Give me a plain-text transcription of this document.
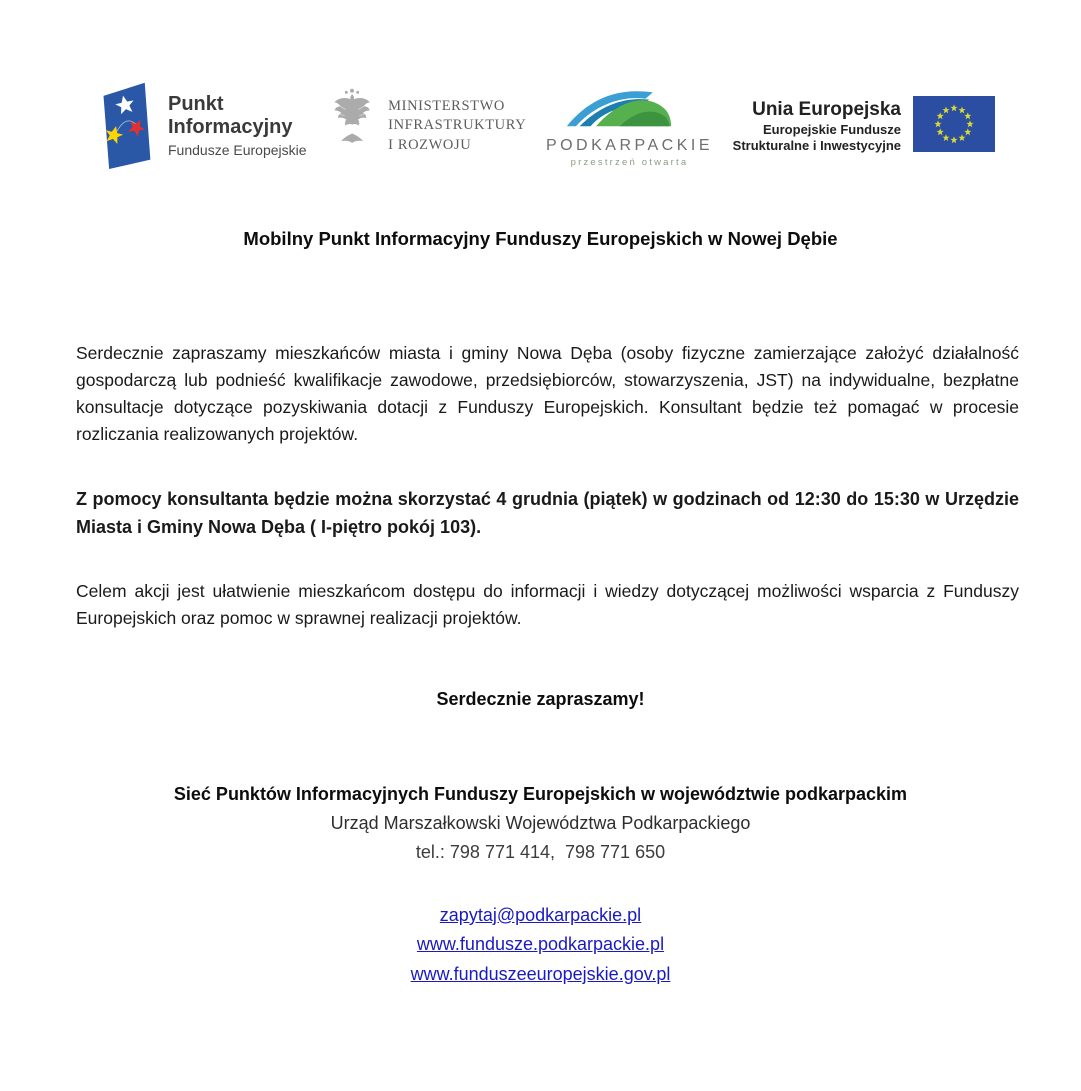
Punkt
Informacyjny
Fundusze Europejskie
MINISTERSTWO
INFRASTRUKTURY
I ROZWOJU	PODKARPACKIE
przestrzeń otwarta
Unia Europejska
Europejskie Fundusze
Strukturalne i Inwestycyjne
Mobilny Punkt Informacyjny Funduszy Europejskich w Nowej Dębie

Serdecznie zapraszamy mieszkańców miasta i gminy Nowa Dęba (osoby fizyczne zamierzające założyć działalność gospodarczą lub podnieść kwalifikacje zawodowe, przedsiębiorców, stowarzyszenia, JST) na indywidualne, bezpłatne konsultacje dotyczące pozyskiwania dotacji z Funduszy Europejskich. Konsultant będzie też pomagać w procesie rozliczania realizowanych projektów.

Z pomocy konsultanta będzie można skorzystać 4 grudnia (piątek) w godzinach od 12:30 do 15:30 w Urzędzie Miasta i Gminy Nowa Dęba ( I-piętro pokój 103).

Celem akcji jest ułatwienie mieszkańcom dostępu do informacji i wiedzy dotyczącej możliwości wsparcia z Funduszy Europejskich oraz pomoc w sprawnej realizacji projektów.

Serdecznie zapraszamy!
Sieć Punktów Informacyjnych Funduszy Europejskich w województwie podkarpackim
Urząd Marszałkowski Województwa Podkarpackiego
tel.: 798 771 414,  798 771 650
zapytaj@podkarpackie.pl
www.fundusze.podkarpackie.pl
www.funduszeeuropejskie.gov.pl
